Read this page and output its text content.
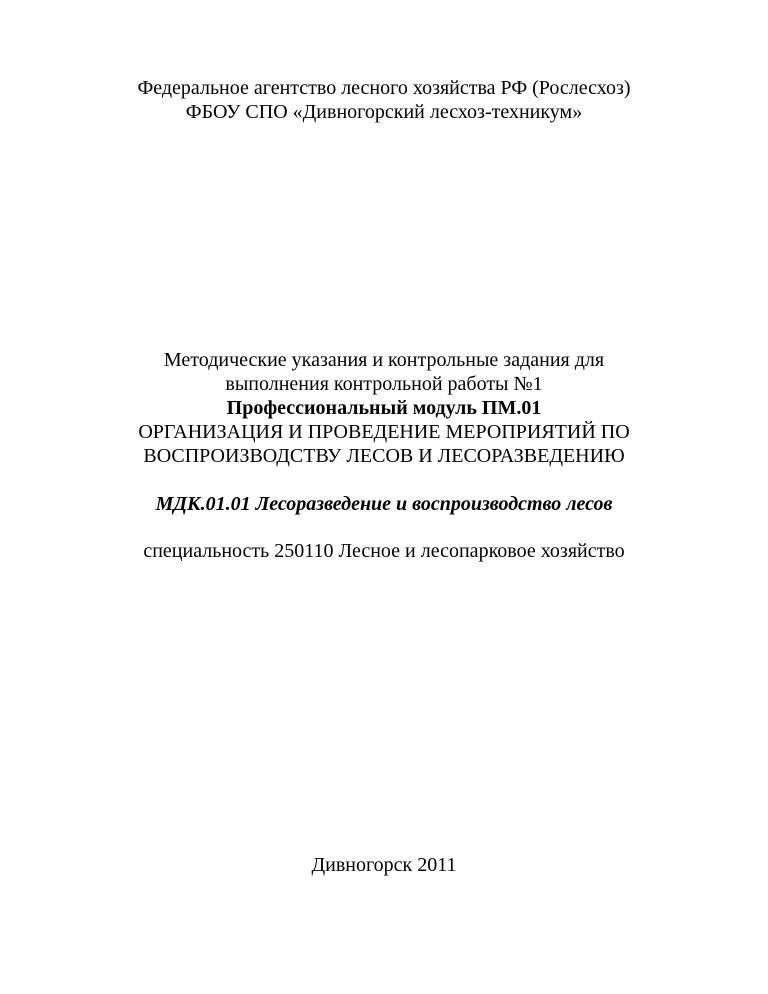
Федеральное агентство лесного хозяйства РФ (Рослесхоз)
ФБОУ СПО «Дивногорский лесхоз-техникум»
Методические указания и контрольные задания для
выполнения контрольной работы №1
Профессиональный модуль ПМ.01
ОРГАНИЗАЦИЯ И ПРОВЕДЕНИЕ МЕРОПРИЯТИЙ ПО
ВОСПРОИЗВОДСТВУ ЛЕСОВ И ЛЕСОРАЗВЕДЕНИЮ
МДК.01.01 Лесоразведение и воспроизводство лесов
специальность 250110 Лесное и лесопарковое хозяйство
Дивногорск 2011
